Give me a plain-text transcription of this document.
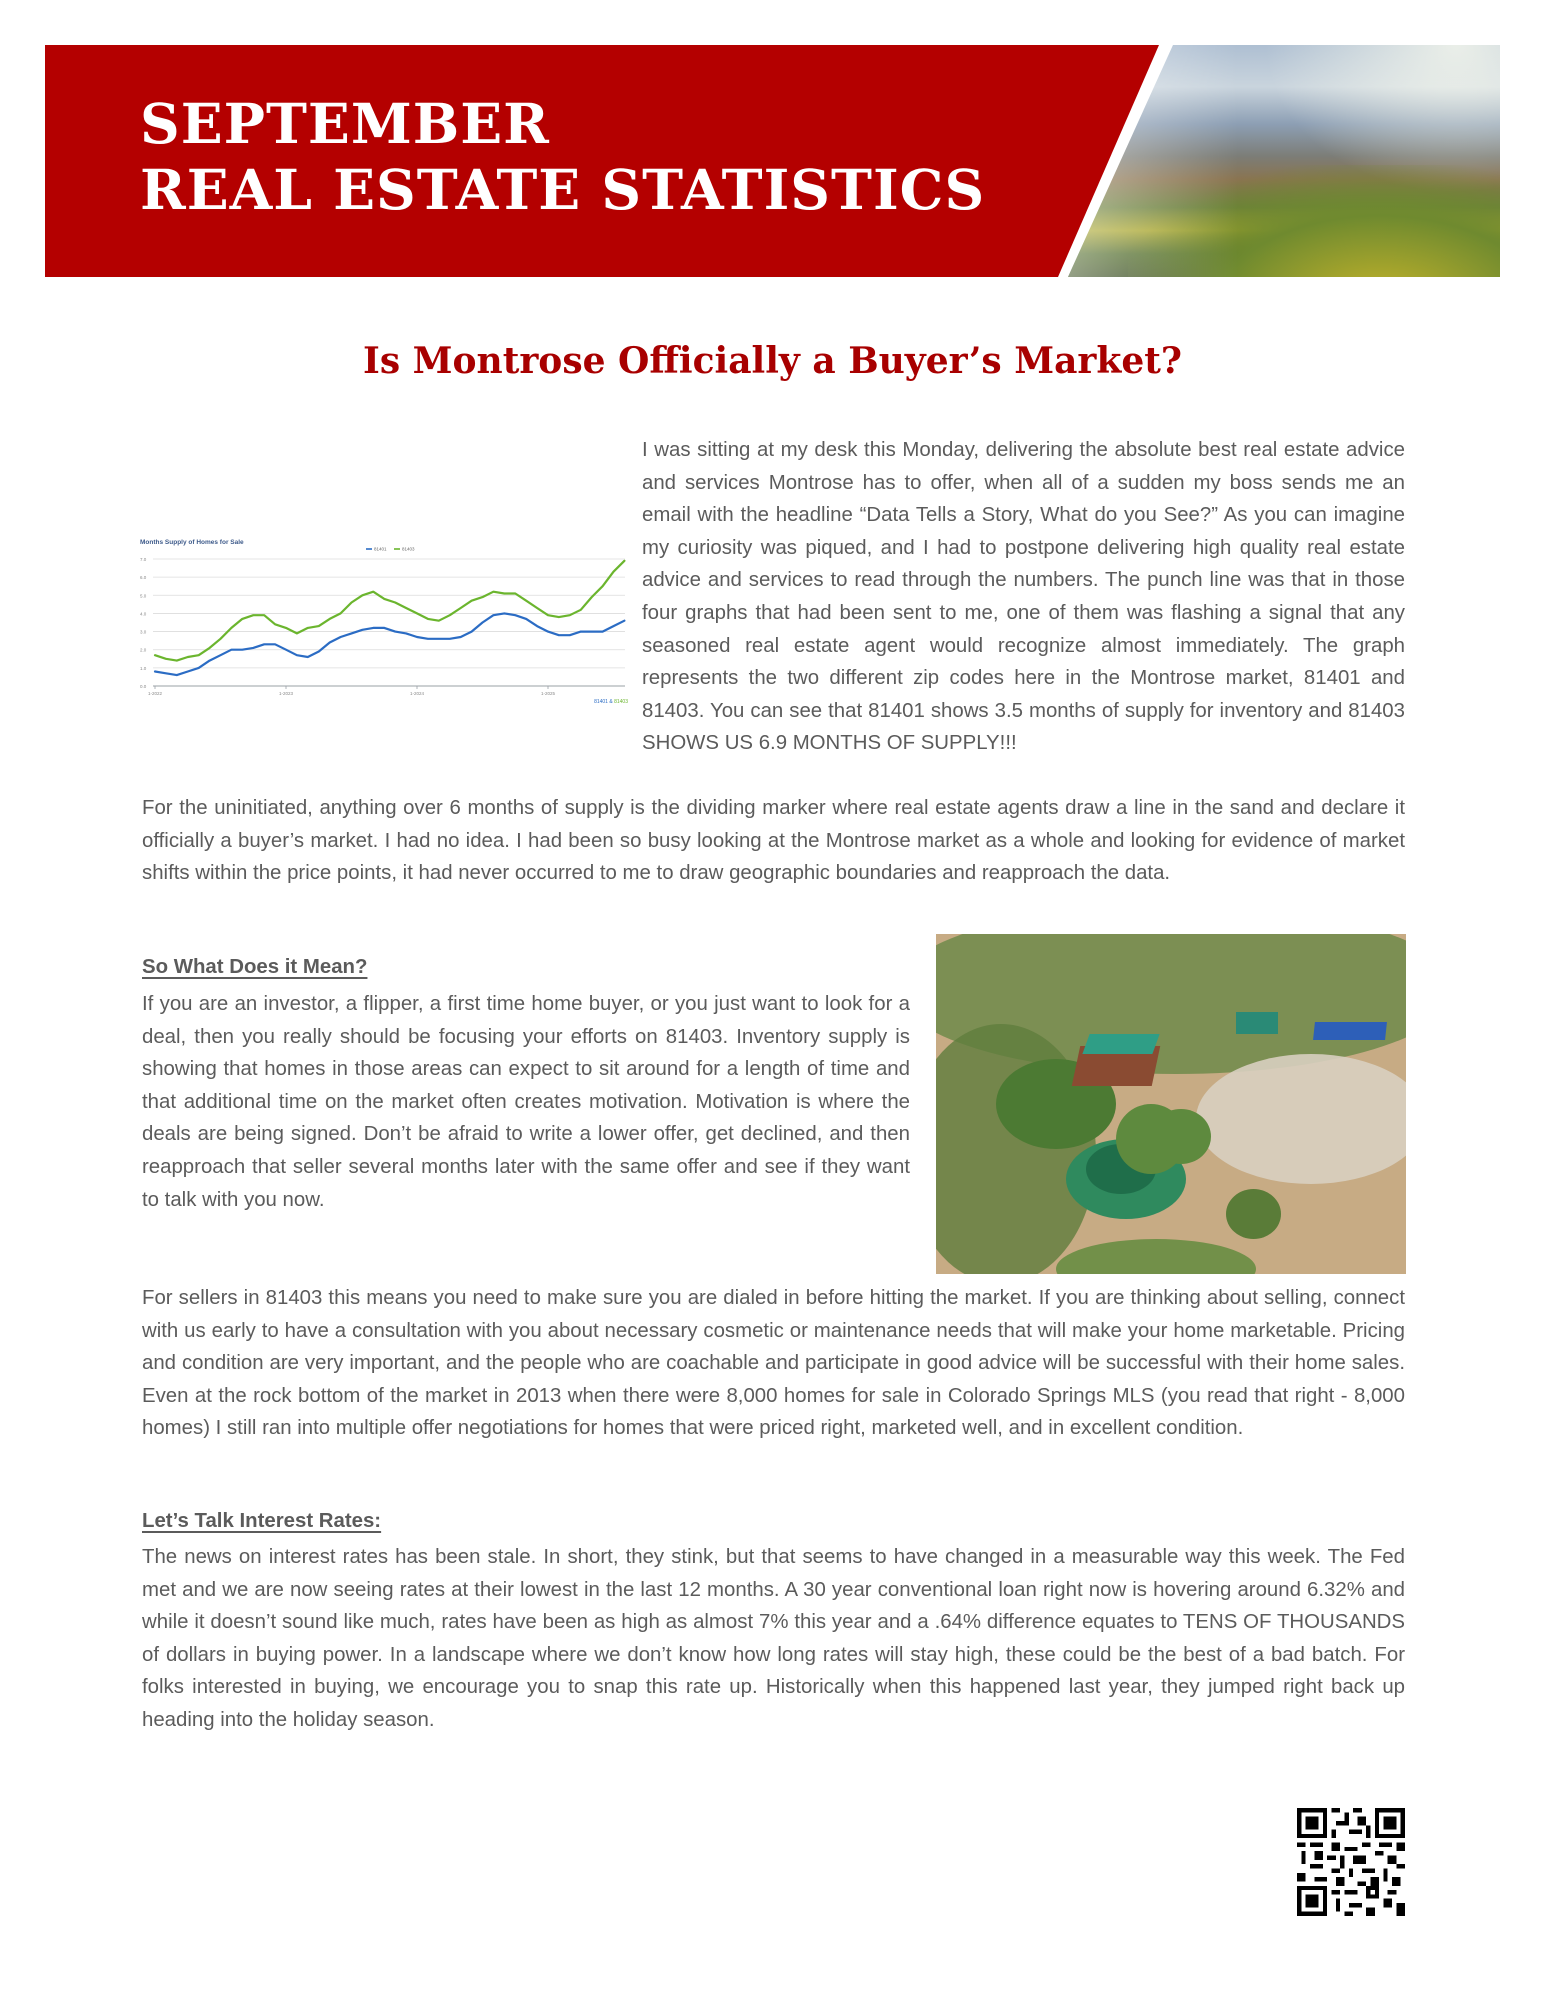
SEPTEMBER
REAL ESTATE STATISTICS
Is Montrose Officially a Buyer’s Market?
Months Supply of Homes for Sale
81401	81403
0.0
1.0
2.0
3.0
4.0
5.0
6.0
7.0
1-2022	1-2023	1-2024	1-2025
81401 & 81403

I was sitting at my desk this Monday, delivering the absolute best real estate advice and services Montrose has to offer, when all of a sudden my boss sends me an email with the headline “Data Tells a Story, What do you See?” As you can imagine my curiosity was piqued, and I had to postpone delivering high quality real estate advice and services to read through the numbers. The punch line was that in those four graphs that had been sent to me, one of them was flashing a signal that any seasoned real estate agent would recognize almost immediately. The graph represents the two different zip codes here in the Montrose market, 81401 and 81403. You can see that 81401 shows 3.5 months of supply for inventory and 81403 SHOWS US 6.9 MONTHS OF SUPPLY!!!

For the uninitiated, anything over 6 months of supply is the dividing marker where real estate agents draw a line in the sand and declare it officially a buyer’s market. I had no idea. I had been so busy looking at the Montrose market as a whole and looking for evidence of market shifts within the price points, it had never occurred to me to draw geographic boundaries and reapproach the data.

So What Does it Mean?

If you are an investor, a flipper, a first time home buyer, or you just want to look for a deal, then you really should be focusing your efforts on 81403. Inventory supply is showing that homes in those areas can expect to sit around for a length of time and that additional time on the market often creates motivation. Motivation is where the deals are being signed. Don’t be afraid to write a lower offer, get declined, and then reapproach that seller several months later with the same offer and see if they want to talk with you now.

For sellers in 81403 this means you need to make sure you are dialed in before hitting the market. If you are thinking about selling, connect with us early to have a consultation with you about necessary cosmetic or maintenance needs that will make your home marketable. Pricing and condition are very important, and the people who are coachable and participate in good advice will be successful with their home sales. Even at the rock bottom of the market in 2013 when there were 8,000 homes for sale in Colorado Springs MLS (you read that right - 8,000 homes) I still ran into multiple offer negotiations for homes that were priced right, marketed well, and in excellent condition.

Let’s Talk Interest Rates:

The news on interest rates has been stale. In short, they stink, but that seems to have changed in a measurable way this week. The Fed met and we are now seeing rates at their lowest in the last 12 months. A 30 year conventional loan right now is hovering around 6.32% and while it doesn’t sound like much, rates have been as high as almost 7% this year and a .64% difference equates to TENS OF THOUSANDS of dollars in buying power. In a landscape where we don’t know how long rates will stay high, these could be the best of a bad batch. For folks interested in buying, we encourage you to snap this rate up. Historically when this happened last year, they jumped right back up heading into the holiday season.
